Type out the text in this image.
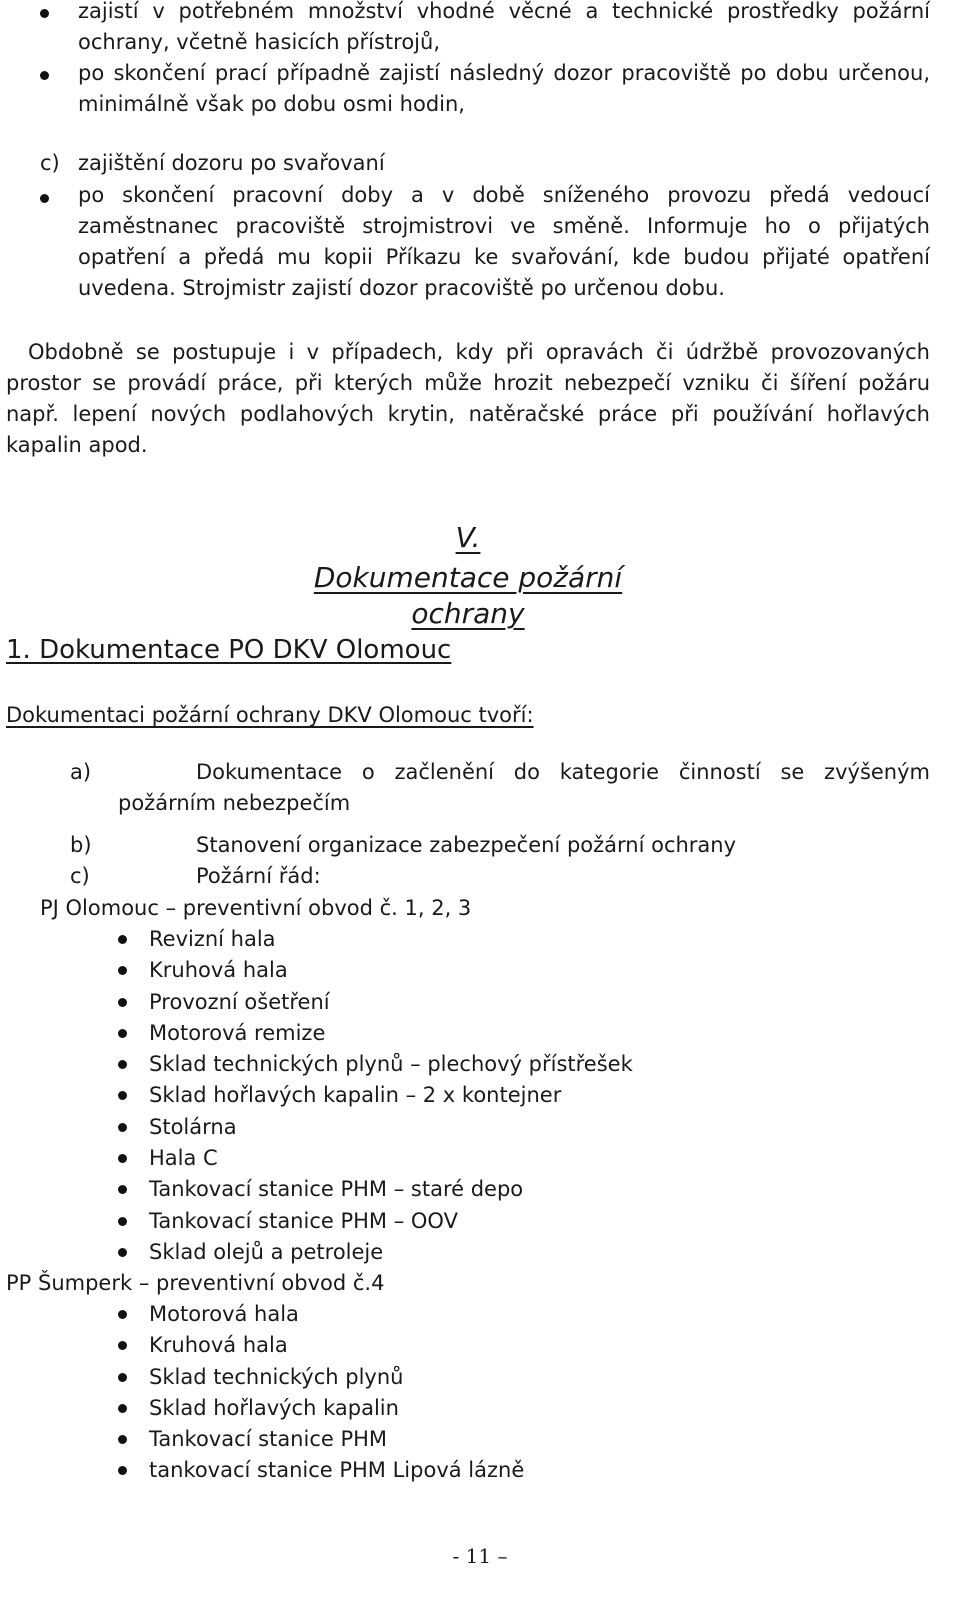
zajistí v potřebném množství vhodné věcné a technické prostředky požární ochrany, včetně hasicích přístrojů,

po skončení prací případně zajistí následný dozor pracoviště po dobu určenou, minimálně však po dobu osmi hodin,

c) zajištění dozoru po svařovaní

po skončení pracovní doby a v době sníženého provozu předá vedoucí zaměstnanec pracoviště strojmistrovi ve směně. Informuje ho o přijatých opatření a předá mu kopii Příkazu ke svařování, kde budou přijaté opatření uvedena. Strojmistr zajistí dozor pracoviště po určenou dobu.

Obdobně se postupuje i v případech, kdy při opravách či údržbě provozovaných prostor se provádí práce, při kterých může hrozit nebezpečí vzniku či šíření požáru např. lepení nových podlahových krytin, natěračské práce při používání hořlavých kapalin apod.

V.
Dokumentace požární ochrany
1. Dokumentace PO DKV Olomouc
Dokumentaci požární ochrany DKV Olomouc tvoří:
a)	Dokumentace o začlenění do kategorie činností se zvýšeným

požárním nebezpečím
b)	Stanovení organizace zabezpečení požární ochrany
c)	Požární řád:
PJ Olomouc – preventivní obvod č. 1, 2, 3
Revizní hala
Kruhová hala
Provozní ošetření
Motorová remize
Sklad technických plynů – plechový přístřešek
Sklad hořlavých kapalin – 2 x kontejner
Stolárna
Hala C
Tankovací stanice PHM – staré depo
Tankovací stanice PHM – OOV
Sklad olejů a petroleje
PP Šumperk – preventivní obvod č.4
Motorová hala
Kruhová hala
Sklad technických plynů
Sklad hořlavých kapalin
Tankovací stanice PHM
tankovací stanice PHM Lipová lázně
- 11 –
